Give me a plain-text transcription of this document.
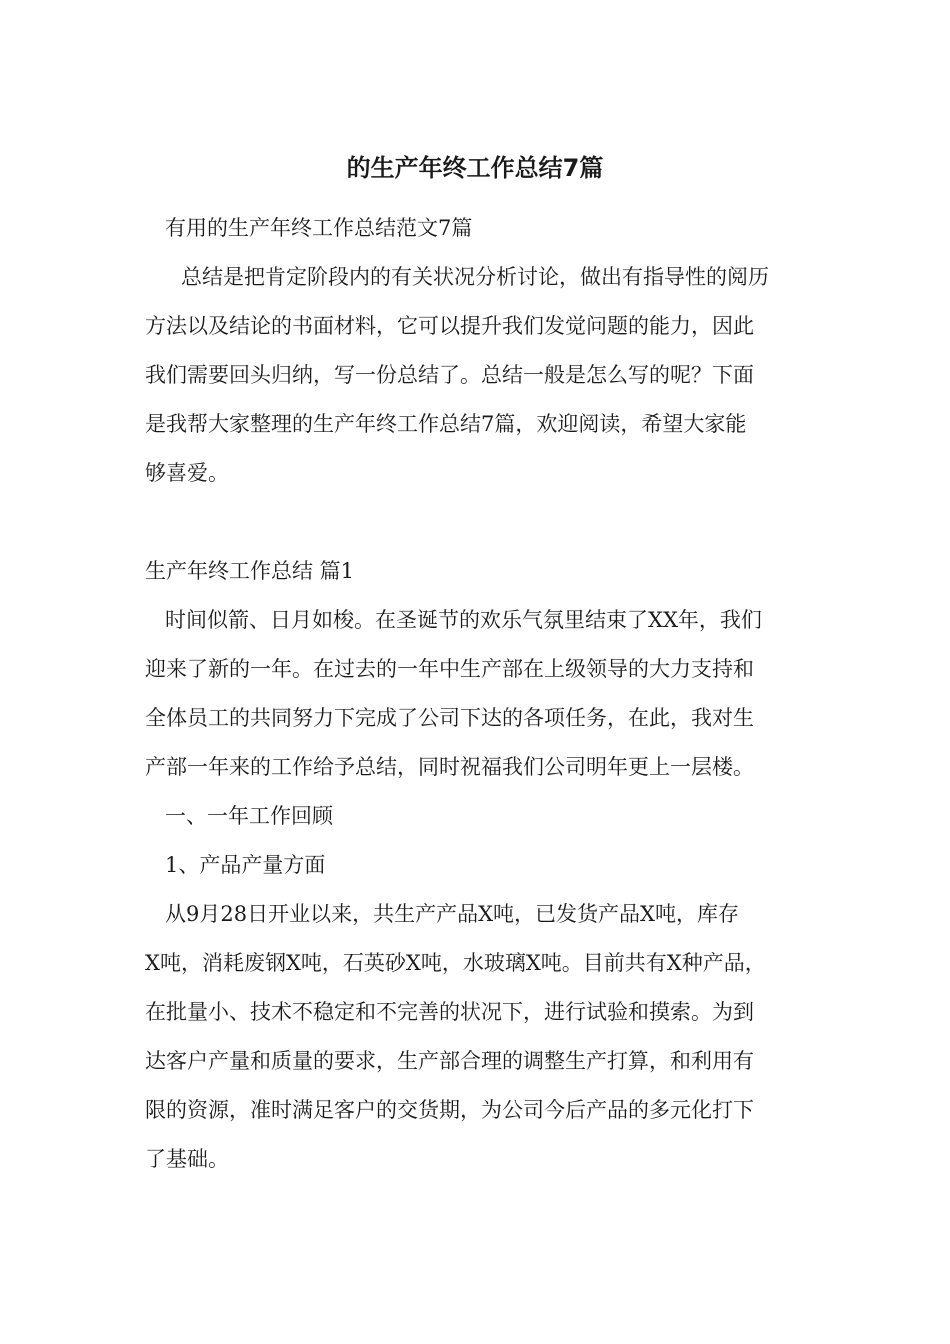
的生产年终工作总结7篇
有用的生产年终工作总结范文7篇
总结是把肯定阶段内的有关状况分析讨论，做出有指导性的阅历
方法以及结论的书面材料，它可以提升我们发觉问题的能力，因此
我们需要回头归纳，写一份总结了。总结一般是怎么写的呢？下面
是我帮大家整理的生产年终工作总结7篇，欢迎阅读，希望大家能
够喜爱。
生产年终工作总结 篇1
时间似箭、日月如梭。在圣诞节的欢乐气氛里结束了XX年，我们
迎来了新的一年。在过去的一年中生产部在上级领导的大力支持和
全体员工的共同努力下完成了公司下达的各项任务，在此，我对生
产部一年来的工作给予总结，同时祝福我们公司明年更上一层楼。
一、一年工作回顾
1、产品产量方面
从9月28日开业以来，共生产产品X吨，已发货产品X吨，库存
X吨，消耗废钢X吨，石英砂X吨，水玻璃X吨。目前共有X种产品，
在批量小、技术不稳定和不完善的状况下，进行试验和摸索。为到
达客户产量和质量的要求，生产部合理的调整生产打算，和利用有
限的资源，准时满足客户的交货期，为公司今后产品的多元化打下
了基础。
